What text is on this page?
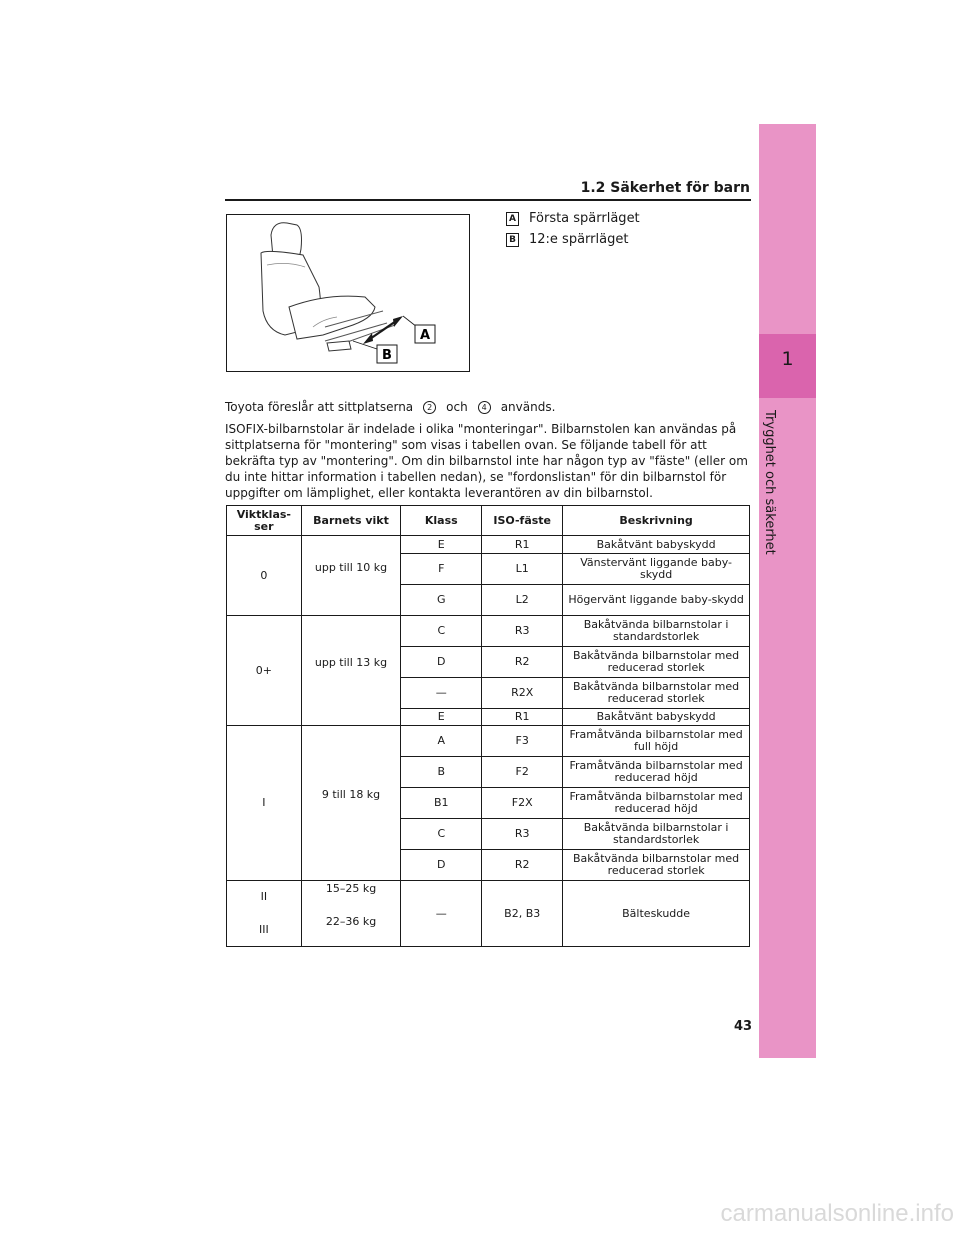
1
Trygghet och säkerhet
1.2 Säkerhet för barn
A
B
A Första spärrläget
B 12:e spärrläget
Toyota föreslår att sittplatserna 2 och 4 används.
ISOFIX-bilbarnstolar är indelade i olika "monteringar". Bilbarnstolen kan användas på sittplatserna för "montering" som visas i tabellen ovan. Se följande tabell för att bekräfta typ av "montering". Om din bilbarnstol inte har någon typ av "fäste" (eller om du inte hittar information i tabellen nedan), se "fordonslistan" för din bilbarnstol för uppgifter om lämplighet, eller kontakta leverantören av din bilbarnstol.
Viktklas-ser	Barnets vikt	Klass	ISO-fäste	Beskrivning
0	upp till 10 kg	E	R1	Bakåtvänt babyskydd
		F	L1	Vänstervänt liggande baby-skydd
		G	L2	Högervänt liggande baby-skydd
0+	upp till 13 kg	C	R3	Bakåtvända bilbarnstolar i standardstorlek
		D	R2	Bakåtvända bilbarnstolar med reducerad storlek
		—	R2X	Bakåtvända bilbarnstolar med reducerad storlek
		E	R1	Bakåtvänt babyskydd
I	9 till 18 kg	A	F3	Framåtvända bilbarnstolar med full höjd
		B	F2	Framåtvända bilbarnstolar med reducerad höjd
		B1	F2X	Framåtvända bilbarnstolar med reducerad höjd
		C	R3	Bakåtvända bilbarnstolar i standardstorlek
		D	R2	Bakåtvända bilbarnstolar med reducerad storlek
II	15–25 kg	—	B2, B3	Bälteskudde
III	22–36 kg			
43
carmanualsonline.info
